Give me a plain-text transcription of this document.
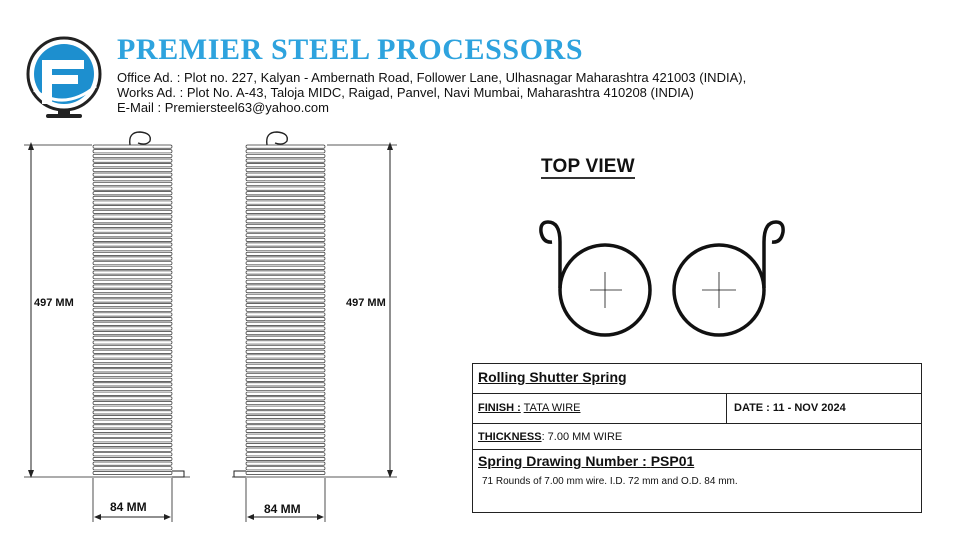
PREMIER STEEL PROCESSORS
Office Ad. : Plot no. 227, Kalyan - Ambernath Road, Follower Lane, Ulhasnagar Maharashtra 421003 (INDIA),
Works Ad. : Plot No. A-43, Taloja MIDC, Raigad, Panvel, Navi Mumbai, Maharashtra 410208 (INDIA)
E-Mail : Premiersteel63@yahoo.com
497 MM	497 MM
84 MM	84 MM
TOP VIEW
Rolling Shutter Spring
FINISH : TATA WIRE	DATE : 11 - NOV 2024
THICKNESS: 7.00 MM WIRE
Spring Drawing Number : PSP01
71 Rounds of 7.00 mm wire. I.D. 72 mm and O.D. 84 mm.
